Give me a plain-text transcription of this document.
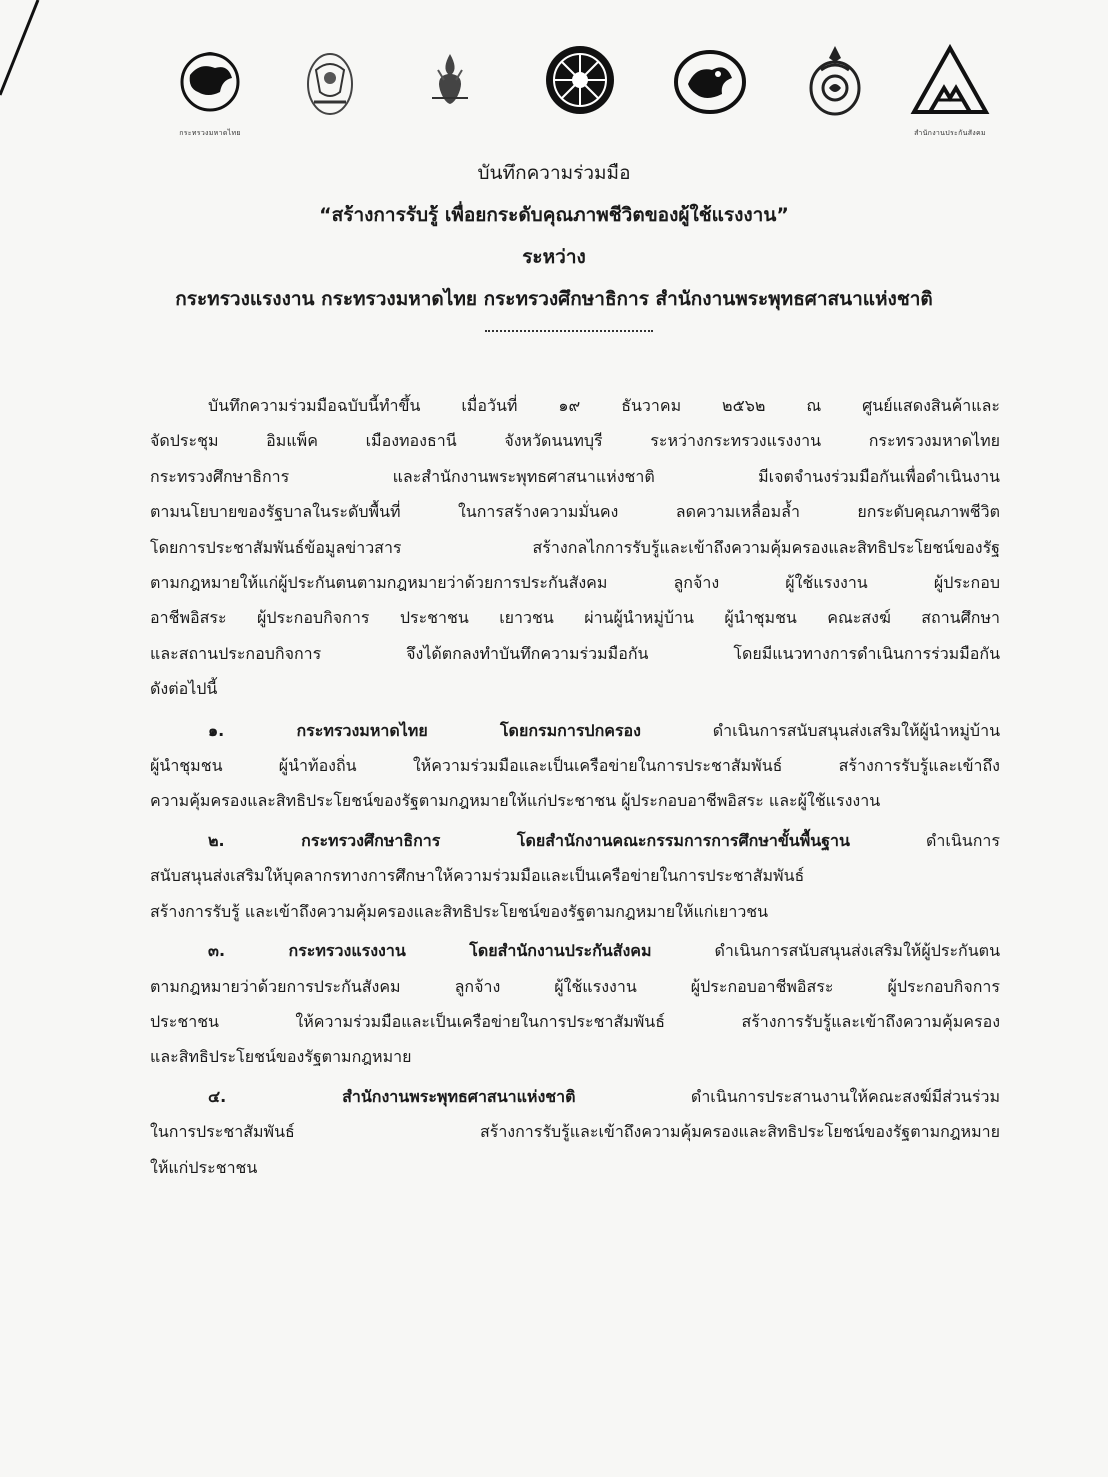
กระทรวงมหาดไทย	สำนักงานประกันสังคม
บันทึกความร่วมมือ
“สร้างการรับรู้ เพื่อยกระดับคุณภาพชีวิตของผู้ใช้แรงงาน”
ระหว่าง
กระทรวงแรงงาน กระทรวงมหาดไทย กระทรวงศึกษาธิการ สำนักงานพระพุทธศาสนาแห่งชาติ
บันทึกความร่วมมือฉบับนี้ทำขึ้น เมื่อวันที่ ๑๙ ธันวาคม ๒๕๖๒ ณ ศูนย์แสดงสินค้าและ
จัดประชุม อิมแพ็ค เมืองทองธานี จังหวัดนนทบุรี ระหว่างกระทรวงแรงงาน กระทรวงมหาดไทย
กระทรวงศึกษาธิการ และสำนักงานพระพุทธศาสนาแห่งชาติ มีเจตจำนงร่วมมือกันเพื่อดำเนินงาน
ตามนโยบายของรัฐบาลในระดับพื้นที่ ในการสร้างความมั่นคง ลดความเหลื่อมล้ำ ยกระดับคุณภาพชีวิต
โดยการประชาสัมพันธ์ข้อมูลข่าวสาร สร้างกลไกการรับรู้และเข้าถึงความคุ้มครองและสิทธิประโยชน์ของรัฐ
ตามกฎหมายให้แก่ผู้ประกันตนตามกฎหมายว่าด้วยการประกันสังคม ลูกจ้าง ผู้ใช้แรงงาน ผู้ประกอบ
อาชีพอิสระ ผู้ประกอบกิจการ ประชาชน เยาวชน ผ่านผู้นำหมู่บ้าน ผู้นำชุมชน คณะสงฆ์ สถานศึกษา
และสถานประกอบกิจการ จึงได้ตกลงทำบันทึกความร่วมมือกัน โดยมีแนวทางการดำเนินการร่วมมือกัน
ดังต่อไปนี้
๑. กระทรวงมหาดไทย โดยกรมการปกครอง ดำเนินการสนับสนุนส่งเสริมให้ผู้นำหมู่บ้าน
ผู้นำชุมชน ผู้นำท้องถิ่น ให้ความร่วมมือและเป็นเครือข่ายในการประชาสัมพันธ์ สร้างการรับรู้และเข้าถึง
ความคุ้มครองและสิทธิประโยชน์ของรัฐตามกฎหมายให้แก่ประชาชน ผู้ประกอบอาชีพอิสระ และผู้ใช้แรงงาน
๒. กระทรวงศึกษาธิการ โดยสำนักงานคณะกรรมการการศึกษาขั้นพื้นฐาน ดำเนินการ
สนับสนุนส่งเสริมให้บุคลากรทางการศึกษาให้ความร่วมมือและเป็นเครือข่ายในการประชาสัมพันธ์
สร้างการรับรู้ และเข้าถึงความคุ้มครองและสิทธิประโยชน์ของรัฐตามกฎหมายให้แก่เยาวชน
๓. กระทรวงแรงงาน โดยสำนักงานประกันสังคม ดำเนินการสนับสนุนส่งเสริมให้ผู้ประกันตน
ตามกฎหมายว่าด้วยการประกันสังคม ลูกจ้าง ผู้ใช้แรงงาน ผู้ประกอบอาชีพอิสระ ผู้ประกอบกิจการ
ประชาชน ให้ความร่วมมือและเป็นเครือข่ายในการประชาสัมพันธ์ สร้างการรับรู้และเข้าถึงความคุ้มครอง
และสิทธิประโยชน์ของรัฐตามกฎหมาย
๔. สำนักงานพระพุทธศาสนาแห่งชาติ ดำเนินการประสานงานให้คณะสงฆ์มีส่วนร่วม
ในการประชาสัมพันธ์ สร้างการรับรู้และเข้าถึงความคุ้มครองและสิทธิประโยชน์ของรัฐตามกฎหมาย
ให้แก่ประชาชน
